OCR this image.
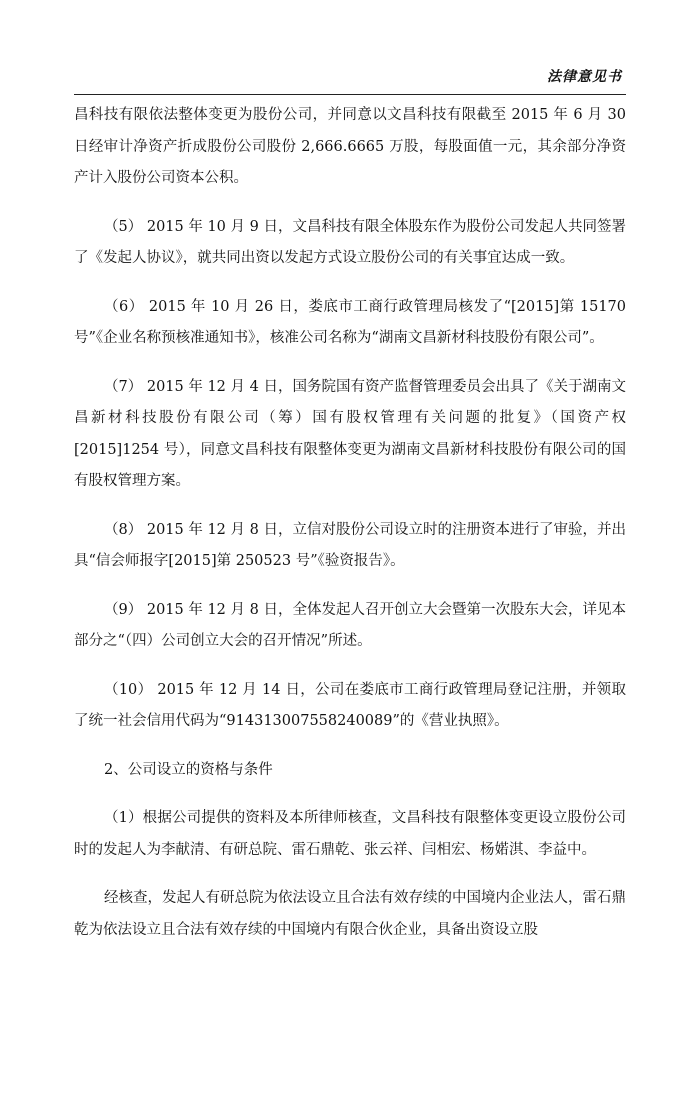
法律意见书

昌科技有限依法整体变更为股份公司，并同意以文昌科技有限截至 2015 年 6 月 30 日经审计净资产折成股份公司股份 2,666.6665 万股，每股面值一元，其余部分净资产计入股份公司资本公积。

（5） 2015 年 10 月 9 日，文昌科技有限全体股东作为股份公司发起人共同签署了《发起人协议》，就共同出资以发起方式设立股份公司的有关事宜达成一致。

（6） 2015 年 10 月 26 日，娄底市工商行政管理局核发了“[2015]第 15170 号”《企业名称预核准通知书》，核准公司名称为“湖南文昌新材科技股份有限公司”。

（7） 2015 年 12 月 4 日，国务院国有资产监督管理委员会出具了《关于湖南文昌新材科技股份有限公司（筹）国有股权管理有关问题的批复》（国资产权[2015]1254 号），同意文昌科技有限整体变更为湖南文昌新材科技股份有限公司的国有股权管理方案。

（8） 2015 年 12 月 8 日，立信对股份公司设立时的注册资本进行了审验，并出具“信会师报字[2015]第 250523 号”《验资报告》。

（9） 2015 年 12 月 8 日，全体发起人召开创立大会暨第一次股东大会，详见本部分之“（四）公司创立大会的召开情况”所述。

（10） 2015 年 12 月 14 日，公司在娄底市工商行政管理局登记注册，并领取了统一社会信用代码为“914313007558240089”的《营业执照》。

2、公司设立的资格与条件

（1）根据公司提供的资料及本所律师核查，文昌科技有限整体变更设立股份公司时的发起人为李献清、有研总院、雷石鼎乾、张云祥、闫相宏、杨婼淇、李益中。

经核查，发起人有研总院为依法设立且合法有效存续的中国境内企业法人，雷石鼎乾为依法设立且合法有效存续的中国境内有限合伙企业，具备出资设立股
